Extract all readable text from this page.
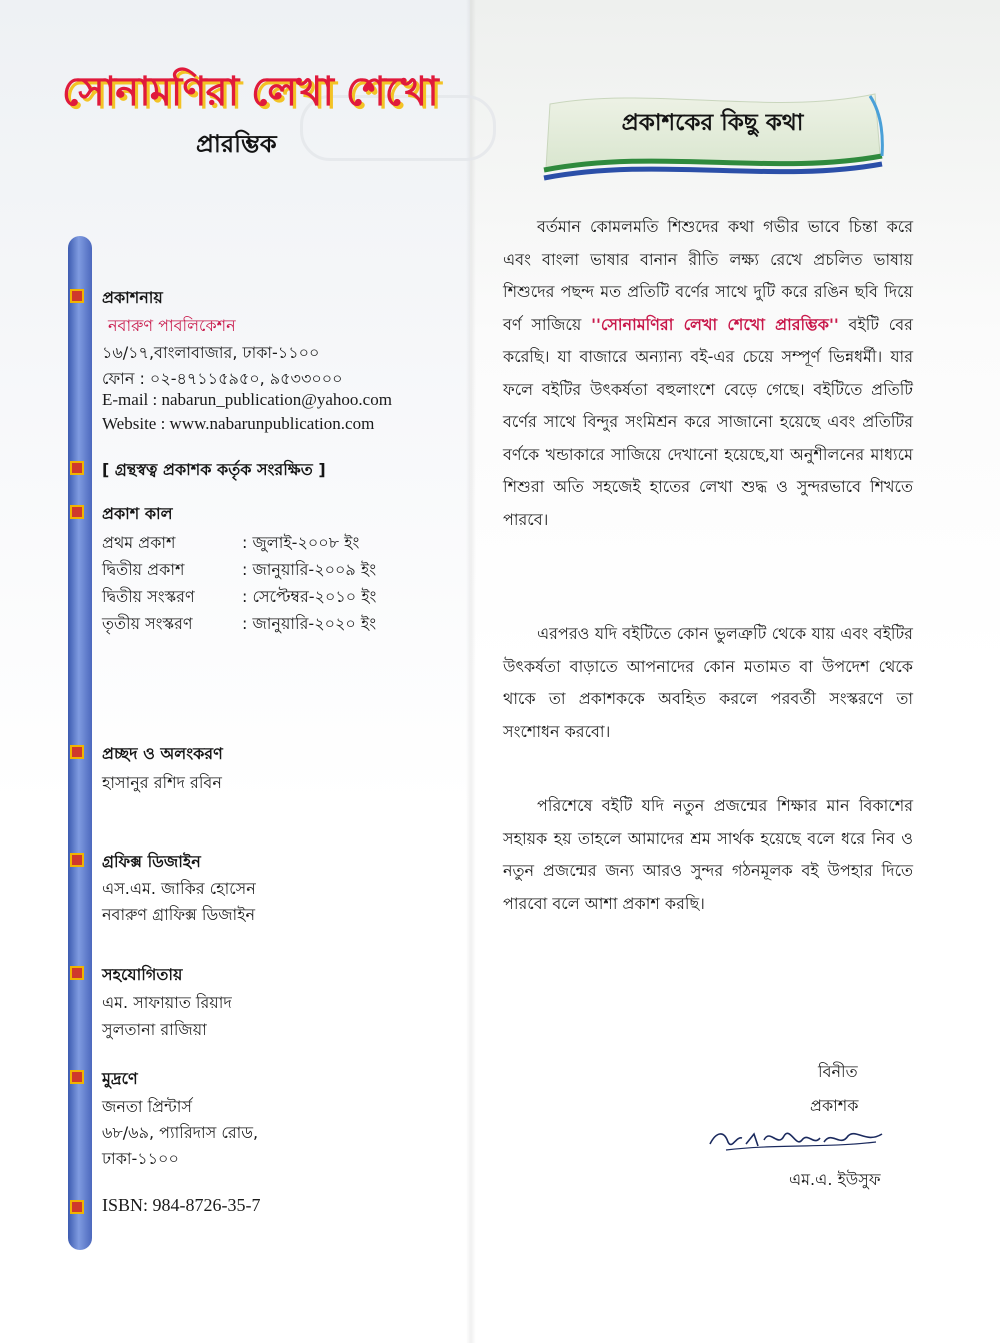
সোনামণিরা লেখা শেখো
প্রারম্ভিক
প্রকাশনায়
নবারুণ পাবলিকেশন
১৬/১৭,বাংলাবাজার, ঢাকা-১১০০
ফোন : ০২-৪৭১১৫৯৫০, ৯৫৩৩০০০
E-mail : nabarun_publication@yahoo.com
Website : www.nabarunpublication.com
[ গ্রন্থস্বত্ব প্রকাশক কর্তৃক সংরক্ষিত ]
প্রকাশ কাল
প্রথম প্রকাশ	: জুলাই-২০০৮ ইং
দ্বিতীয় প্রকাশ	: জানুয়ারি-২০০৯ ইং
দ্বিতীয় সংস্করণ	: সেপ্টেম্বর-২০১০ ইং
তৃতীয় সংস্করণ	: জানুয়ারি-২০২০ ইং
প্রচ্ছদ ও অলংকরণ
হাসানুর রশিদ রবিন
গ্রফিক্স ডিজাইন
এস.এম. জাকির হোসেন
নবারুণ গ্রাফিক্স ডিজাইন
সহযোগিতায়
এম. সাফায়াত রিয়াদ
সুলতানা রাজিয়া
মুদ্রণে
জনতা প্রিন্টার্স
৬৮/৬৯, প্যারিদাস রোড,
ঢাকা-১১০০
ISBN: 984-8726-35-7
প্রকাশকের কিছু কথা
বর্তমান কোমলমতি শিশুদের কথা গভীর ভাবে চিন্তা করে এবং বাংলা ভাষার বানান রীতি লক্ষ্য রেখে প্রচলিত ভাষায় শিশুদের পছন্দ মত প্রতিটি বর্ণের সাথে দুটি করে রঙিন ছবি দিয়ে বর্ণ সাজিয়ে ''সোনামণিরা লেখা শেখো প্রারম্ভিক'' বইটি বের করেছি। যা বাজারে অন্যান্য বই-এর চেয়ে সম্পূর্ণ ভিন্নধর্মী। যার ফলে বইটির উৎকর্ষতা বহুলাংশে বেড়ে গেছে। বইটিতে প্রতিটি বর্ণের সাথে বিন্দুর সংমিশ্রন করে সাজানো হয়েছে এবং প্রতিটির বর্ণকে খন্ডাকারে সাজিয়ে দেখানো হয়েছে,যা অনুশীলনের মাধ্যমে শিশুরা অতি সহজেই হাতের লেখা শুদ্ধ ও সুন্দরভাবে শিখতে পারবে।
এরপরও যদি বইটিতে কোন ভুলত্রুটি থেকে যায় এবং বইটির উৎকর্ষতা বাড়াতে আপনাদের কোন মতামত বা উপদেশ থেকে থাকে তা প্রকাশককে অবহিত করলে পরবর্তী সংস্করণে তা সংশোধন করবো।
পরিশেষে বইটি যদি নতুন প্রজন্মের শিক্ষার মান বিকাশের সহায়ক হয় তাহলে আমাদের শ্রম সার্থক হয়েছে বলে ধরে নিব ও নতুন প্রজন্মের জন্য আরও সুন্দর গঠনমূলক বই উপহার দিতে পারবো বলে আশা প্রকাশ করছি।
বিনীত
প্রকাশক
এম.এ. ইউসুফ
